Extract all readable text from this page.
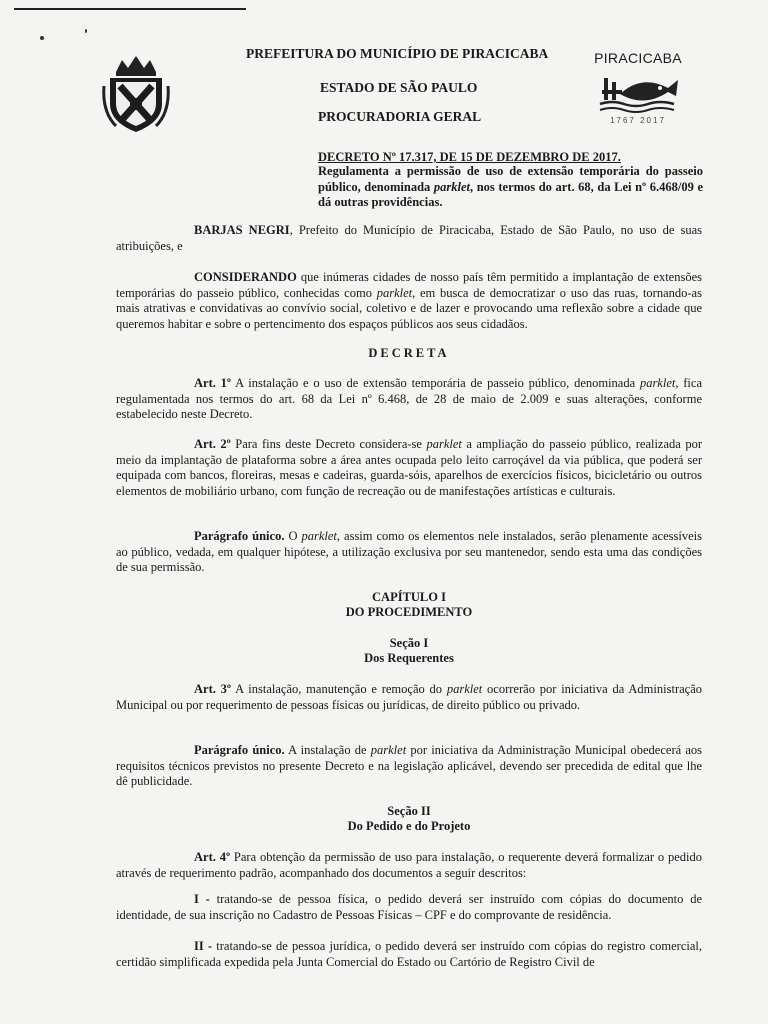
PREFEITURA DO MUNICÍPIO DE PIRACICABA
ESTADO DE SÃO PAULO
PROCURADORIA GERAL
PIRACICABA
1767 2017
DECRETO Nº 17.317, DE 15 DE DEZEMBRO DE 2017.
Regulamenta a permissão de uso de extensão temporária do passeio público, denominada parklet, nos termos do art. 68, da Lei nº 6.468/09 e dá outras providências.
BARJAS NEGRI, Prefeito do Município de Piracicaba, Estado de São Paulo, no uso de suas atribuições, e
CONSIDERANDO que inúmeras cidades de nosso país têm permitido a implantação de extensões temporárias do passeio público, conhecidas como parklet, em busca de democratizar o uso das ruas, tornando-as mais atrativas e convidativas ao convívio social, coletivo e de lazer e provocando uma reflexão sobre a cidade que queremos habitar e sobre o pertencimento dos espaços públicos aos seus cidadãos.
DECRETA
Art. 1º A instalação e o uso de extensão temporária de passeio público, denominada parklet, fica regulamentada nos termos do art. 68 da Lei nº 6.468, de 28 de maio de 2.009 e suas alterações, conforme estabelecido neste Decreto.
Art. 2º Para fins deste Decreto considera-se parklet a ampliação do passeio público, realizada por meio da implantação de plataforma sobre a área antes ocupada pelo leito carroçável da via pública, que poderá ser equipada com bancos, floreiras, mesas e cadeiras, guarda-sóis, aparelhos de exercícios físicos, bicicletário ou outros elementos de mobiliário urbano, com função de recreação ou de manifestações artísticas e culturais.
Parágrafo único. O parklet, assim como os elementos nele instalados, serão plenamente acessíveis ao público, vedada, em qualquer hipótese, a utilização exclusiva por seu mantenedor, sendo esta uma das condições de sua permissão.
CAPÍTULO I
DO PROCEDIMENTO
Seção I
Dos Requerentes
Art. 3º A instalação, manutenção e remoção do parklet ocorrerão por iniciativa da Administração Municipal ou por requerimento de pessoas físicas ou jurídicas, de direito público ou privado.
Parágrafo único. A instalação de parklet por iniciativa da Administração Municipal obedecerá aos requisitos técnicos previstos no presente Decreto e na legislação aplicável, devendo ser precedida de edital que lhe dê publicidade.
Seção II
Do Pedido e do Projeto
Art. 4º Para obtenção da permissão de uso para instalação, o requerente deverá formalizar o pedido através de requerimento padrão, acompanhado dos documentos a seguir descritos:
I - tratando-se de pessoa física, o pedido deverá ser instruído com cópias do documento de identidade, de sua inscrição no Cadastro de Pessoas Físicas – CPF e do comprovante de residência.
II - tratando-se de pessoa jurídica, o pedido deverá ser instruído com cópias do registro comercial, certidão simplificada expedida pela Junta Comercial do Estado ou Cartório de Registro Civil de
